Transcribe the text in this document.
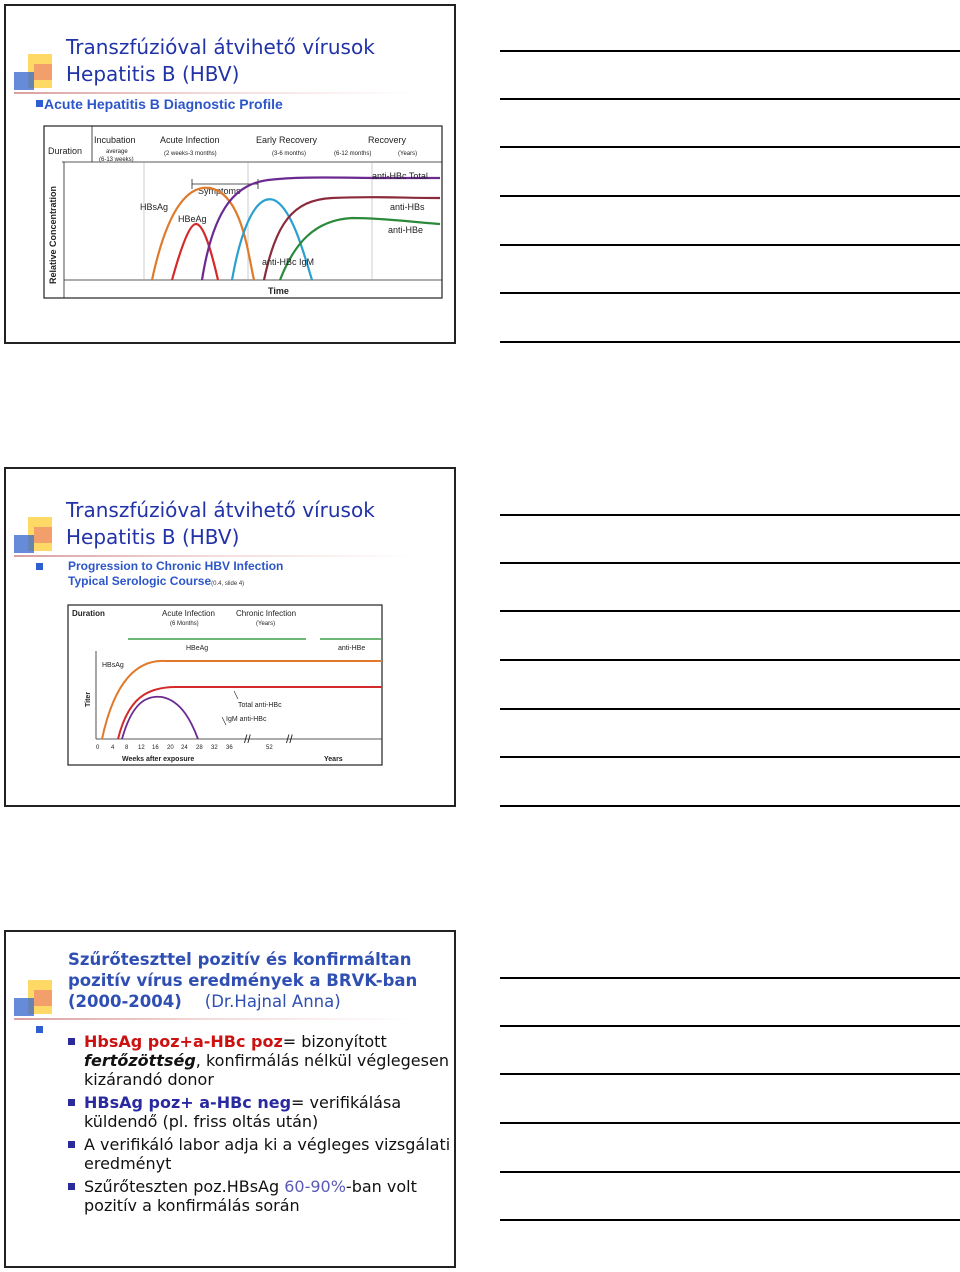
Transzfúzióval átvihető vírusok
Hepatitis B (HBV)
Acute Hepatitis B Diagnostic Profile
Duration
Incubation
average
(6-13 weeks)
Acute Infection
(2 weeks-3 months)
Early Recovery
(3-6 months)
Recovery
(6-12 months)	(Years)
Relative Concentration
Time
Symptoms
HBsAg
HBeAg
anti-HBc Total
anti-HBs
anti-HBe
anti-HBc IgM
Transzfúzióval átvihető vírusok
Hepatitis B (HBV)
Progression to Chronic HBV Infection
Typical Serologic Course(0.4, slide 4)
Duration	Acute Infection
(6 Months)
Chronic Infection
(Years)
HBeAg	anti-HBe
Titer
HBsAg
Total anti-HBc
IgM anti-HBc
0 4 8 12 16 20 24 28 32 36	52
//	//
Weeks after exposure	Years
Szűrőteszttel pozitív és konfirmáltan
pozitív vírus eredmények a BRVK-ban
(2000-2004) (Dr.Hajnal Anna)
HbsAg poz+a-HBc poz= bizonyított fertőzöttség, konfirmálás nélkül véglegesen kizárandó donor
HBsAg poz+ a-HBc neg= verifikálása küldendő (pl. friss oltás után)
A verifikáló labor adja ki a végleges vizsgálati eredményt
Szűrőteszten poz.HBsAg 60-90%-ban volt pozitív a konfirmálás során
